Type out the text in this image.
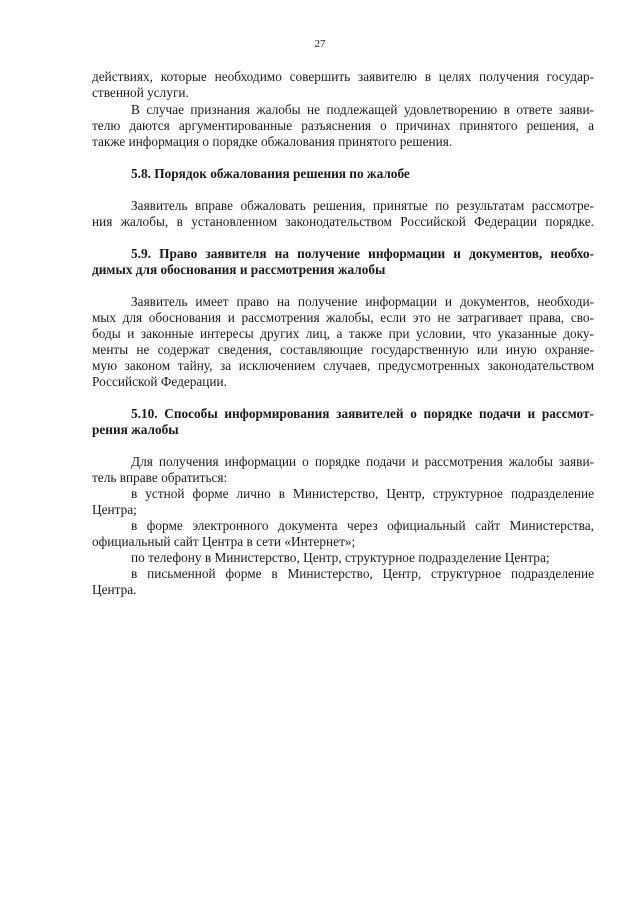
27
действиях, которые необходимо совершить заявителю в целях получения государ-
ственной услуги.
В случае признания жалобы не подлежащей удовлетворению в ответе заяви-
телю даются аргументированные разъяснения о причинах принятого решения, а
также информация о порядке обжалования принятого решения.
5.8. Порядок обжалования решения по жалобе
Заявитель вправе обжаловать решения, принятые по результатам рассмотре-
ния жалобы, в установленном законодательством Российской Федерации порядке.
5.9. Право заявителя на получение информации и документов, необхо-
димых для обоснования и рассмотрения жалобы
Заявитель имеет право на получение информации и документов, необходи-
мых для обоснования и рассмотрения жалобы, если это не затрагивает права, сво-
боды и законные интересы других лиц, а также при условии, что указанные доку-
менты не содержат сведения, составляющие государственную или иную охраняе-
мую законом тайну, за исключением случаев, предусмотренных законодательством
Российской Федерации.
5.10. Способы информирования заявителей о порядке подачи и рассмот-
рения жалобы
Для получения информации о порядке подачи и рассмотрения жалобы заяви-
тель вправе обратиться:
в устной форме лично в Министерство, Центр, структурное подразделение
Центра;
в форме электронного документа через официальный сайт Министерства,
официальный сайт Центра в сети «Интернет»;
по телефону в Министерство, Центр, структурное подразделение Центра;
в письменной форме в Министерство, Центр, структурное подразделение
Центра.
